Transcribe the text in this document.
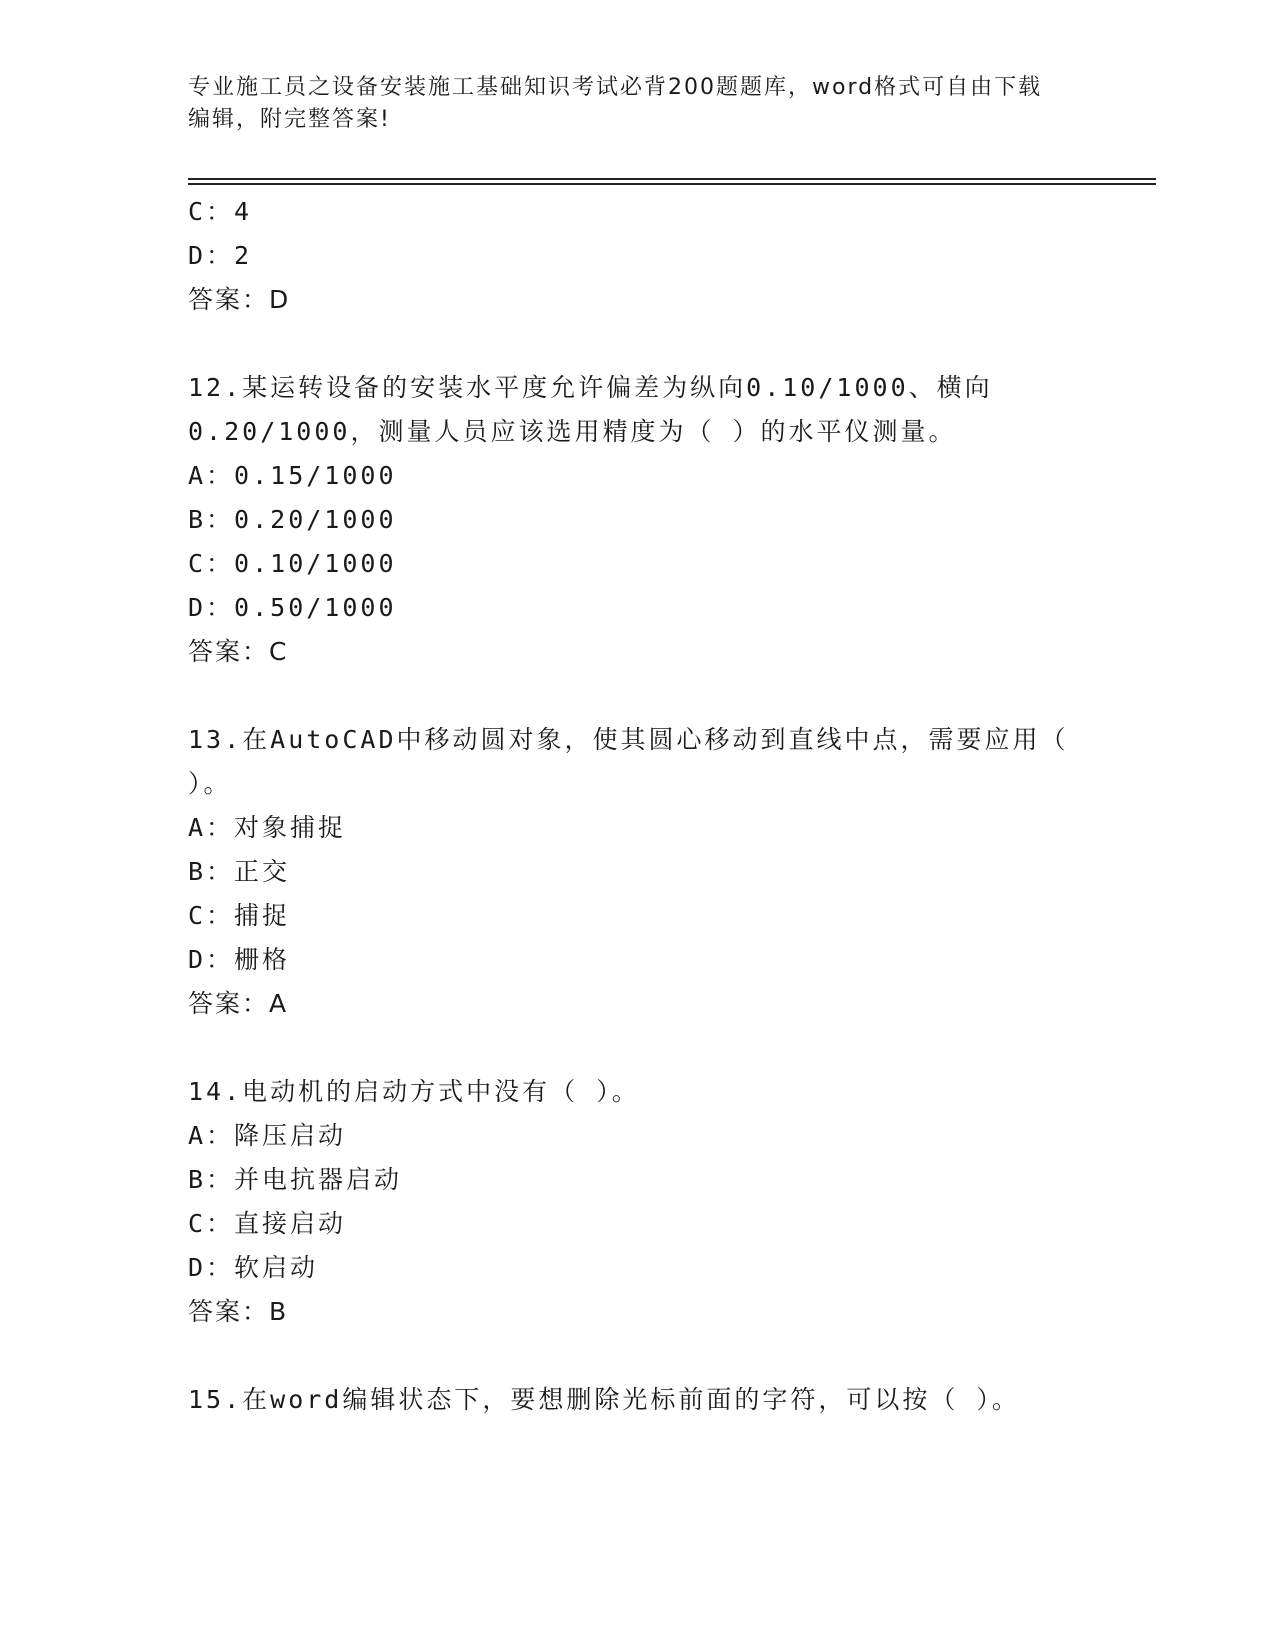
专业施工员之设备安装施工基础知识考试必背200题题库，word格式可自由下载
编辑，附完整答案!
C：4
D：2
答案：D
12.某运转设备的安装水平度允许偏差为纵向0.10/1000、横向
0.20/1000，测量人员应该选用精度为（ ）的水平仪测量。
A：0.15/1000
B：0.20/1000
C：0.10/1000
D：0.50/1000
答案：C
13.在AutoCAD中移动圆对象，使其圆心移动到直线中点，需要应用（
）。
A：对象捕捉
B：正交
C：捕捉
D：栅格
答案：A
14.电动机的启动方式中没有（ ）。
A：降压启动
B：并电抗器启动
C：直接启动
D：软启动
答案：B
15.在word编辑状态下，要想删除光标前面的字符，可以按（ ）。
